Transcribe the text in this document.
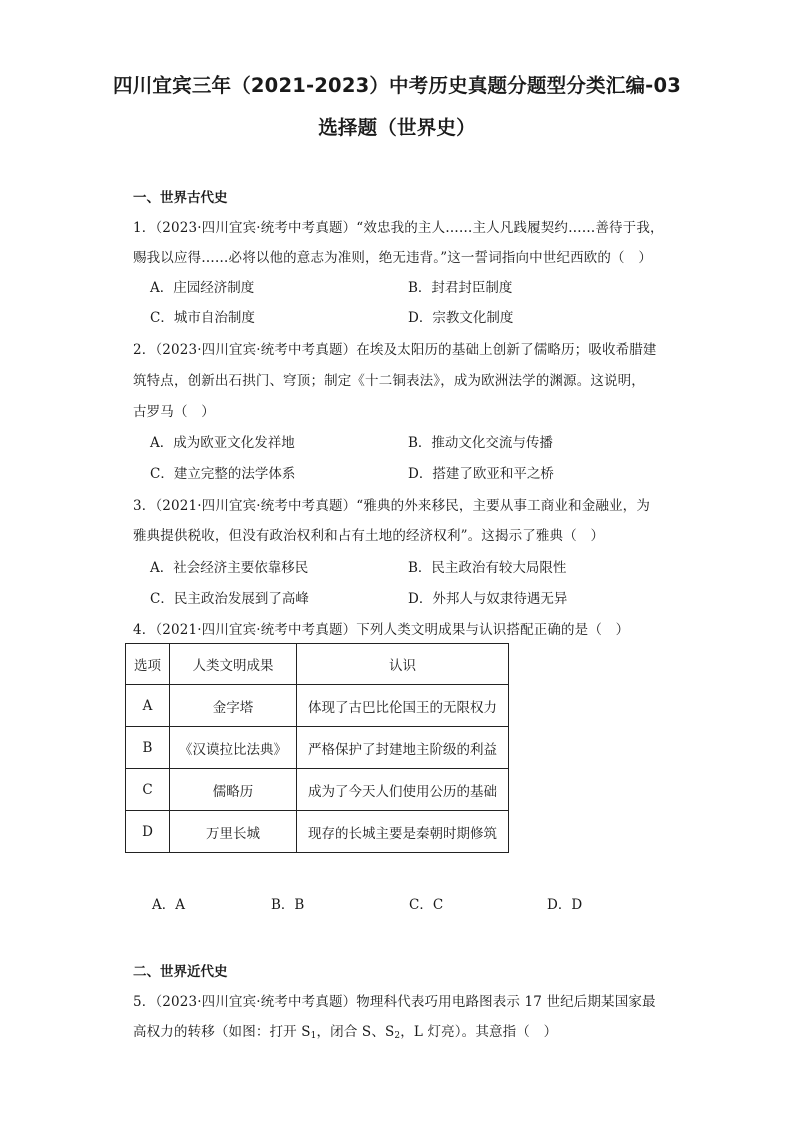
四川宜宾三年（2021-2023）中考历史真题分题型分类汇编-03
选择题（世界史）
一、世界古代史
1．（2023·四川宜宾·统考中考真题）“效忠我的主人……主人凡践履契约……善待于我，
赐我以应得……必将以他的意志为准则，绝无违背。”这一誓词指向中世纪西欧的（　）
A．庄园经济制度	B．封君封臣制度
C．城市自治制度	D．宗教文化制度
2．（2023·四川宜宾·统考中考真题）在埃及太阳历的基础上创新了儒略历；吸收希腊建
筑特点，创新出石拱门、穹顶；制定《十二铜表法》，成为欧洲法学的渊源。这说明，
古罗马（　）
A．成为欧亚文化发祥地	B．推动文化交流与传播
C．建立完整的法学体系	D．搭建了欧亚和平之桥
3．（2021·四川宜宾·统考中考真题）“雅典的外来移民，主要从事工商业和金融业，为
雅典提供税收，但没有政治权利和占有土地的经济权利”。这揭示了雅典（　）
A．社会经济主要依靠移民	B．民主政治有较大局限性
C．民主政治发展到了高峰	D．外邦人与奴隶待遇无异
4．（2021·四川宜宾·统考中考真题）下列人类文明成果与认识搭配正确的是（　）
选项	人类文明成果	认识
A	金字塔	体现了古巴比伦国王的无限权力
B	《汉谟拉比法典》	严格保护了封建地主阶级的利益
C	儒略历	成为了今天人们使用公历的基础
D	万里长城	现存的长城主要是秦朝时期修筑
A．A	B．B	C．C	D．D
二、世界近代史
5．（2023·四川宜宾·统考中考真题）物理科代表巧用电路图表示 17 世纪后期某国家最
高权力的转移（如图：打开 $S_1$，闭合 S、$S_2$，L 灯亮）。其意指（　）
